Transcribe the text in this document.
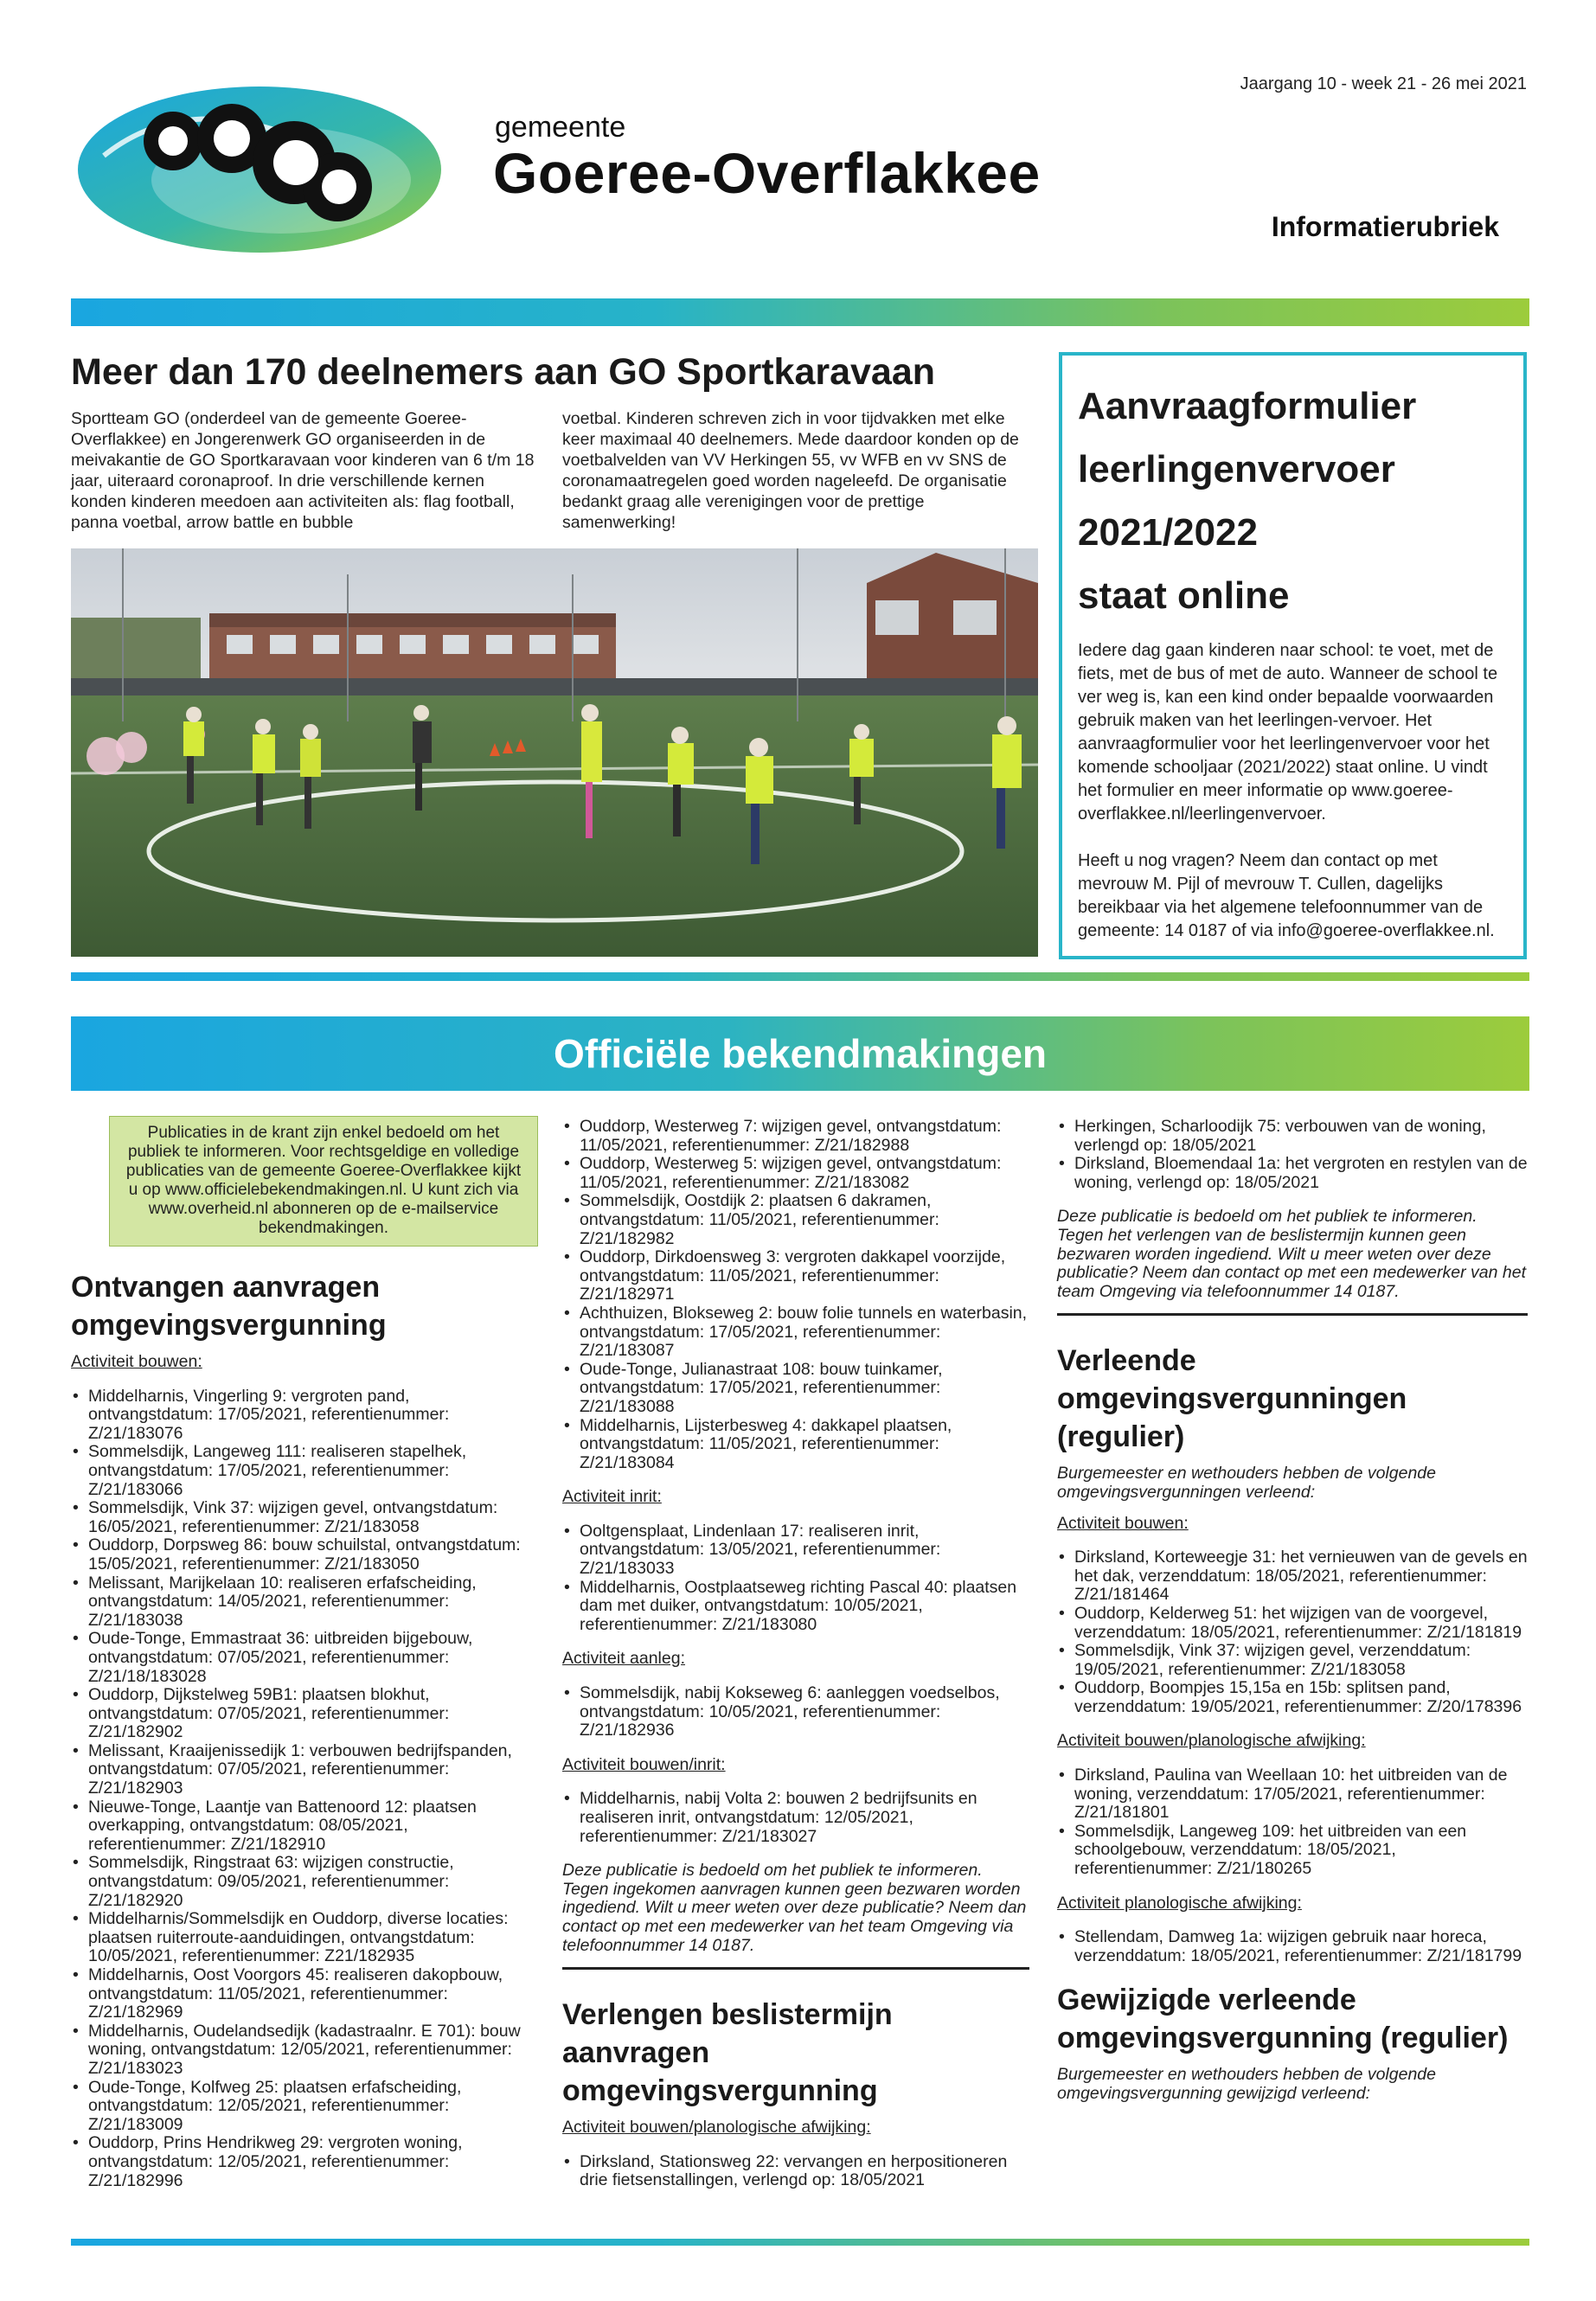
gemeente
Goeree-Overflakkee
Jaargang 10 - week 21 - 26 mei 2021
Informatierubriek
Meer dan 170 deelnemers aan GO Sportkaravaan
Sportteam GO (onderdeel van de gemeente Goeree-Overflakkee) en Jongerenwerk GO organiseerden in de meivakantie de GO Sportkaravaan voor kinderen van 6 t/m 18 jaar, uiteraard coronaproof. In drie verschillende kernen konden kinderen meedoen aan activiteiten als: flag football, panna voetbal, arrow battle en bubble
voetbal. Kinderen schreven zich in voor tijdvakken met elke keer maximaal 40 deelnemers. Mede daardoor konden op de voetbalvelden van VV Herkingen 55, vv WFB en vv SNS de coronamaatregelen goed worden nageleefd. De organisatie bedankt graag alle verenigingen voor de prettige samenwerking!
Aanvraagformulier
leerlingenvervoer
2021/2022
staat online

Iedere dag gaan kinderen naar school: te voet, met de fiets, met de bus of met de auto. Wanneer de school te ver weg is, kan een kind onder bepaalde voorwaarden gebruik maken van het leerlingen-vervoer. Het aanvraagformulier voor het leerlingenvervoer voor het komende schooljaar (2021/2022) staat online. U vindt het formulier en meer informatie op www.goeree-overflakkee.nl/leerlingenvervoer.

Heeft u nog vragen? Neem dan contact op met mevrouw M. Pijl of mevrouw T. Cullen, dagelijks bereikbaar via het algemene telefoonnummer van de gemeente: 14 0187 of via info@goeree-overflakkee.nl.

Officiële bekendmakingen
Publicaties in de krant zijn enkel bedoeld om het publiek te informeren. Voor rechtsgeldige en volledige publicaties van de gemeente Goeree-Overflakkee kijkt u op www.officielebekendmakingen.nl. U kunt zich via www.overheid.nl abonneren op de e-mailservice bekendmakingen.
Ontvangen aanvragen omgevingsvergunning
Activiteit bouwen:
• Middelharnis, Vingerling 9: vergroten pand, ontvangstdatum: 17/05/2021, referentienummer: Z/21/183076
• Sommelsdijk, Langeweg 111: realiseren stapelhek, ontvangstdatum: 17/05/2021, referentienummer: Z/21/183066
• Sommelsdijk, Vink 37: wijzigen gevel, ontvangstdatum: 16/05/2021, referentienummer: Z/21/183058
• Ouddorp, Dorpsweg 86: bouw schuilstal, ontvangstdatum: 15/05/2021, referentienummer: Z/21/183050
• Melissant, Marijkelaan 10: realiseren erfafscheiding, ontvangstdatum: 14/05/2021, referentienummer: Z/21/183038
• Oude-Tonge, Emmastraat 36: uitbreiden bijgebouw, ontvangstdatum: 07/05/2021, referentienummer: Z/21/18/183028
• Ouddorp, Dijkstelweg 59B1: plaatsen blokhut, ontvangstdatum: 07/05/2021, referentienummer: Z/21/182902
• Melissant, Kraaijenissedijk 1: verbouwen bedrijfspanden, ontvangstdatum: 07/05/2021, referentienummer: Z/21/182903
• Nieuwe-Tonge, Laantje van Battenoord 12: plaatsen overkapping, ontvangstdatum: 08/05/2021, referentienummer: Z/21/182910
• Sommelsdijk, Ringstraat 63: wijzigen constructie, ontvangstdatum: 09/05/2021, referentienummer: Z/21/182920
• Middelharnis/Sommelsdijk en Ouddorp, diverse locaties: plaatsen ruiterroute-aanduidingen, ontvangstdatum: 10/05/2021, referentienummer: Z21/182935
• Middelharnis, Oost Voorgors 45: realiseren dakopbouw, ontvangstdatum: 11/05/2021, referentienummer: Z/21/182969
• Middelharnis, Oudelandsedijk (kadastraalnr. E 701): bouw woning, ontvangstdatum: 12/05/2021, referentienummer: Z/21/183023
• Oude-Tonge, Kolfweg 25: plaatsen erfafscheiding, ontvangstdatum: 12/05/2021, referentienummer: Z/21/183009
• Ouddorp, Prins Hendrikweg 29: vergroten woning, ontvangstdatum: 12/05/2021, referentienummer: Z/21/182996
• Ouddorp, Westerweg 7: wijzigen gevel, ontvangstdatum: 11/05/2021, referentienummer: Z/21/182988
• Ouddorp, Westerweg 5: wijzigen gevel, ontvangstdatum: 11/05/2021, referentienummer: Z/21/183082
• Sommelsdijk, Oostdijk 2: plaatsen 6 dakramen, ontvangstdatum: 11/05/2021, referentienummer: Z/21/182982
• Ouddorp, Dirkdoensweg 3: vergroten dakkapel voorzijde, ontvangstdatum: 11/05/2021, referentienummer: Z/21/182971
• Achthuizen, Blokseweg 2: bouw folie tunnels en waterbasin, ontvangstdatum: 17/05/2021, referentienummer: Z/21/183087
• Oude-Tonge, Julianastraat 108: bouw tuinkamer, ontvangstdatum: 17/05/2021, referentienummer: Z/21/183088
• Middelharnis, Lijsterbesweg 4: dakkapel plaatsen, ontvangstdatum: 11/05/2021, referentienummer: Z/21/183084
Activiteit inrit:
• Ooltgensplaat, Lindenlaan 17: realiseren inrit, ontvangstdatum: 13/05/2021, referentienummer: Z/21/183033
• Middelharnis, Oostplaatseweg richting Pascal 40: plaatsen dam met duiker, ontvangstdatum: 10/05/2021, referentienummer: Z/21/183080
Activiteit aanleg:
• Sommelsdijk, nabij Kokseweg 6: aanleggen voedselbos, ontvangstdatum: 10/05/2021, referentienummer: Z/21/182936
Activiteit bouwen/inrit:
• Middelharnis, nabij Volta 2: bouwen 2 bedrijfsunits en realiseren inrit, ontvangstdatum: 12/05/2021, referentienummer: Z/21/183027
Deze publicatie is bedoeld om het publiek te informeren. Tegen ingekomen aanvragen kunnen geen bezwaren worden ingediend. Wilt u meer weten over deze publicatie? Neem dan contact op met een medewerker van het team Omgeving via telefoonnummer 14 0187.
Verlengen beslistermijn aanvragen omgevingsvergunning
Activiteit bouwen/planologische afwijking:
• Dirksland, Stationsweg 22: vervangen en herpositioneren drie fietsenstallingen, verlengd op: 18/05/2021
• Herkingen, Scharloodijk 75: verbouwen van de woning, verlengd op: 18/05/2021
• Dirksland, Bloemendaal 1a: het vergroten en restylen van de woning, verlengd op: 18/05/2021
Deze publicatie is bedoeld om het publiek te informeren. Tegen het verlengen van de beslistermijn kunnen geen bezwaren worden ingediend. Wilt u meer weten over deze publicatie? Neem dan contact op met een medewerker van het team Omgeving via telefoonnummer 14 0187.
Verleende omgevingsvergunningen (regulier)
Burgemeester en wethouders hebben de volgende omgevingsvergunningen verleend:
Activiteit bouwen:
• Dirksland, Korteweegje 31: het vernieuwen van de gevels en het dak, verzenddatum: 18/05/2021, referentienummer: Z/21/181464
• Ouddorp, Kelderweg 51: het wijzigen van de voorgevel, verzenddatum: 18/05/2021, referentienummer: Z/21/181819
• Sommelsdijk, Vink 37: wijzigen gevel, verzenddatum: 19/05/2021, referentienummer: Z/21/183058
• Ouddorp, Boompjes 15,15a en 15b: splitsen pand, verzenddatum: 19/05/2021, referentienummer: Z/20/178396
Activiteit bouwen/planologische afwijking:
• Dirksland, Paulina van Weellaan 10: het uitbreiden van de woning, verzenddatum: 17/05/2021, referentienummer: Z/21/181801
• Sommelsdijk, Langeweg 109: het uitbreiden van een schoolgebouw, verzenddatum: 18/05/2021, referentienummer: Z/21/180265
Activiteit planologische afwijking:
• Stellendam, Damweg 1a: wijzigen gebruik naar horeca, verzenddatum: 18/05/2021, referentienummer: Z/21/181799
Gewijzigde verleende omgevingsvergunning (regulier)
Burgemeester en wethouders hebben de volgende omgevingsvergunning gewijzigd verleend:
